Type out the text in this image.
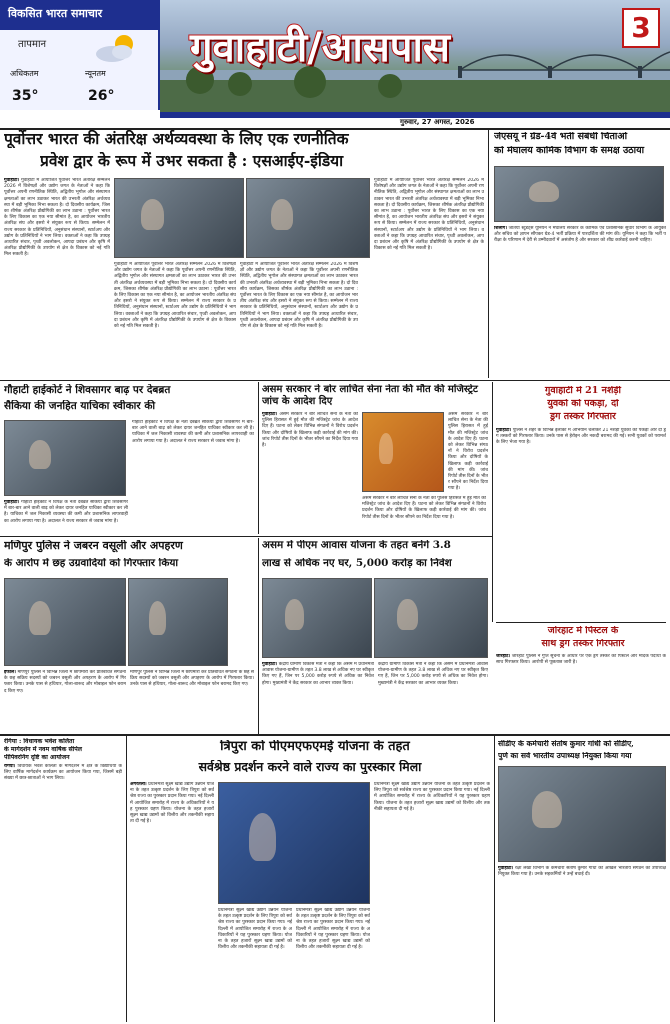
विकसित भारत समाचार
तापमान
अधिकतम	न्यूनतम
35°	26°
गुवाहाटी/आसपास	3
गुरुवार, 27 अगस्त, 2026
पूर्वोत्तर भारत की अंतरिक्ष अर्थव्यवस्था के लिए एक रणनीतिक
प्रवेश द्वार के रूप में उभर सकता है : एसआईए-इंडिया
गुवाहाटी। गुवाहाटी में आयोजित पूर्वोत्तर भारत अंतरिक्ष सम्मेलन 2026 में विशेषज्ञों और उद्योग जगत के नेताओं ने कहा कि पूर्वोत्तर अपनी रणनीतिक स्थिति, अद्वितीय भूगोल और संस्थागत क्षमताओं का लाभ उठाकर भारत की उभरती अंतरिक्ष अर्थव्यवस्था में बड़ी भूमिका निभा सकता है। दो दिवसीय कार्यक्रम, जिसका शीर्षक अंतरिक्ष प्रौद्योगिकी का लाभ उठाना : पूर्वोत्तर भारत के लिए विकास का एक नया सीमांत है, का आयोजन भारतीय अंतरिक्ष संघ और इसरो ने संयुक्त रूप से किया। सम्मेलन में राज्य सरकार के प्रतिनिधियों, अनुसंधान संस्थानों, स्टार्टअप और उद्योग के प्रतिनिधियों ने भाग लिया। वक्ताओं ने कहा कि उपग्रह आधारित संचार, पृथ्वी अवलोकन, आपदा प्रबंधन और कृषि में अंतरिक्ष प्रौद्योगिकी के उपयोग से क्षेत्र के विकास को नई गति मिल सकती है।
गुवाहाटी में आयोजित पूर्वोत्तर भारत अंतरिक्ष सम्मेलन 2026 में विशेषज्ञों और उद्योग जगत के नेताओं ने कहा कि पूर्वोत्तर अपनी रणनीतिक स्थिति, अद्वितीय भूगोल और संस्थागत क्षमताओं का लाभ उठाकर भारत की उभरती अंतरिक्ष अर्थव्यवस्था में बड़ी भूमिका निभा सकता है। दो दिवसीय कार्यक्रम, जिसका शीर्षक अंतरिक्ष प्रौद्योगिकी का लाभ उठाना : पूर्वोत्तर भारत के लिए विकास का एक नया सीमांत है, का आयोजन भारतीय अंतरिक्ष संघ और इसरो ने संयुक्त रूप से किया। सम्मेलन में राज्य सरकार के प्रतिनिधियों, अनुसंधान संस्थानों, स्टार्टअप और उद्योग के प्रतिनिधियों ने भाग लिया। वक्ताओं ने कहा कि उपग्रह आधारित संचार, पृथ्वी अवलोकन, आपदा प्रबंधन और कृषि में अंतरिक्ष प्रौद्योगिकी के उपयोग से क्षेत्र के विकास को नई गति मिल सकती है।
गुवाहाटी में आयोजित पूर्वोत्तर भारत अंतरिक्ष सम्मेलन 2026 में विशेषज्ञों और उद्योग जगत के नेताओं ने कहा कि पूर्वोत्तर अपनी रणनीतिक स्थिति, अद्वितीय भूगोल और संस्थागत क्षमताओं का लाभ उठाकर भारत की उभरती अंतरिक्ष अर्थव्यवस्था में बड़ी भूमिका निभा सकता है। दो दिवसीय कार्यक्रम, जिसका शीर्षक अंतरिक्ष प्रौद्योगिकी का लाभ उठाना : पूर्वोत्तर भारत के लिए विकास का एक नया सीमांत है, का आयोजन भारतीय अंतरिक्ष संघ और इसरो ने संयुक्त रूप से किया। सम्मेलन में राज्य सरकार के प्रतिनिधियों, अनुसंधान संस्थानों, स्टार्टअप और उद्योग के प्रतिनिधियों ने भाग लिया। वक्ताओं ने कहा कि उपग्रह आधारित संचार, पृथ्वी अवलोकन, आपदा प्रबंधन और कृषि में अंतरिक्ष प्रौद्योगिकी के उपयोग से क्षेत्र के विकास को नई गति मिल सकती है।
गुवाहाटी में आयोजित पूर्वोत्तर भारत अंतरिक्ष सम्मेलन 2026 में विशेषज्ञों और उद्योग जगत के नेताओं ने कहा कि पूर्वोत्तर अपनी रणनीतिक स्थिति, अद्वितीय भूगोल और संस्थागत क्षमताओं का लाभ उठाकर भारत की उभरती अंतरिक्ष अर्थव्यवस्था में बड़ी भूमिका निभा सकता है। दो दिवसीय कार्यक्रम, जिसका शीर्षक अंतरिक्ष प्रौद्योगिकी का लाभ उठाना : पूर्वोत्तर भारत के लिए विकास का एक नया सीमांत है, का आयोजन भारतीय अंतरिक्ष संघ और इसरो ने संयुक्त रूप से किया। सम्मेलन में राज्य सरकार के प्रतिनिधियों, अनुसंधान संस्थानों, स्टार्टअप और उद्योग के प्रतिनिधियों ने भाग लिया। वक्ताओं ने कहा कि उपग्रह आधारित संचार, पृथ्वी अवलोकन, आपदा प्रबंधन और कृषि में अंतरिक्ष प्रौद्योगिकी के उपयोग से क्षेत्र के विकास को नई गति मिल सकती है।
जेएसयू ने ग्रेड-4वें भर्ती संबंधी चिंताओं
को मेघालय कार्मिक विभाग के समक्ष उठाया
शिलांग। जैंतिया स्टूडेंट्स यूनियन ने मेघालय सरकार के कार्मिक एवं प्रशासनिक सुधार विभाग के आयुक्त और सचिव को ज्ञापन सौंपकर ग्रेड-4 भर्ती प्रक्रिया में पारदर्शिता की मांग की। यूनियन ने कहा कि भर्ती परीक्षा के परिणाम में देरी से उम्मीदवारों में असंतोष है और सरकार को शीघ्र कार्रवाई करनी चाहिए।
गौहाटी हाईकोर्ट ने शिवसागर बाढ़ पर देबब्रत
सैकिया की जनहित याचिका स्वीकार की
गुवाहाटी। गौहाटी हाईकोर्ट ने विपक्ष के नेता देबब्रत सैकिया द्वारा शिवसागर में बार-बार आने वाली बाढ़ को लेकर दायर जनहित याचिका स्वीकार कर ली है। याचिका में जल निकासी व्यवस्था की कमी और प्रशासनिक लापरवाही का आरोप लगाया गया है। अदालत ने राज्य सरकार से जवाब मांगा है।
गौहाटी हाईकोर्ट ने विपक्ष के नेता देबब्रत सैकिया द्वारा शिवसागर में बार-बार आने वाली बाढ़ को लेकर दायर जनहित याचिका स्वीकार कर ली है। याचिका में जल निकासी व्यवस्था की कमी और प्रशासनिक लापरवाही का आरोप लगाया गया है। अदालत ने राज्य सरकार से जवाब मांगा है।
असम सरकार ने बोर लाचित सेना नेता की मौत की मजिस्ट्रेट जांच के आदेश दिए
गुवाहाटी। असम सरकार ने बोर लाचित सेना के नेता की पुलिस हिरासत में हुई मौत की मजिस्ट्रेट जांच के आदेश दिए हैं। घटना को लेकर विभिन्न संगठनों ने विरोध प्रदर्शन किया और दोषियों के खिलाफ कड़ी कार्रवाई की मांग की। जांच रिपोर्ट तीस दिनों के भीतर सौंपने का निर्देश दिया गया है।
असम सरकार ने बोर लाचित सेना के नेता की पुलिस हिरासत में हुई मौत की मजिस्ट्रेट जांच के आदेश दिए हैं। घटना को लेकर विभिन्न संगठनों ने विरोध प्रदर्शन किया और दोषियों के खिलाफ कड़ी कार्रवाई की मांग की। जांच रिपोर्ट तीस दिनों के भीतर सौंपने का निर्देश दिया गया है।
असम सरकार ने बोर लाचित सेना के नेता की पुलिस हिरासत में हुई मौत की मजिस्ट्रेट जांच के आदेश दिए हैं। घटना को लेकर विभिन्न संगठनों ने विरोध प्रदर्शन किया और दोषियों के खिलाफ कड़ी कार्रवाई की मांग की। जांच रिपोर्ट तीस दिनों के भीतर सौंपने का निर्देश दिया गया है।
गुवाहाटी में 21 नशेड़ी
युवकों को पकड़ा, दो
ड्रग तस्कर गिरफ्तार
गुवाहाटी। पुलिस ने शहर के विभिन्न इलाकों में अभियान चलाकर 21 नशेड़ी युवकों को पकड़ा और दो ड्रग तस्करों को गिरफ्तार किया। उनके पास से हेरोइन और नकदी बरामद की गई। सभी युवकों को परामर्श के लिए भेजा गया है।
मणिपुर पुलिस ने जबरन वसूली और अपहरण
के आरोप में छह उग्रवादियों को गिरफ्तार किया
इंफाल। मणिपुर पुलिस ने विभिन्न जिलों में छापेमारी कर प्रतिबंधित संगठनों के छह सक्रिय सदस्यों को जबरन वसूली और अपहरण के आरोप में गिरफ्तार किया। उनके पास से हथियार, गोला-बारूद और मोबाइल फोन बरामद किए गए।
मणिपुर पुलिस ने विभिन्न जिलों में छापेमारी कर प्रतिबंधित संगठनों के छह सक्रिय सदस्यों को जबरन वसूली और अपहरण के आरोप में गिरफ्तार किया। उनके पास से हथियार, गोला-बारूद और मोबाइल फोन बरामद किए गए।
असम में पीएम आवास योजना के तहत बनेंगे 3.8
लाख से अधिक नए घर, 5,000 करोड़ का निवेश
गुवाहाटी। केंद्रीय ग्रामीण विकास मंत्री ने कहा कि असम में प्रधानमंत्री आवास योजना-ग्रामीण के तहत 3.8 लाख से अधिक नए घर स्वीकृत किए गए हैं, जिन पर 5,000 करोड़ रुपये से अधिक का निवेश होगा। मुख्यमंत्री ने केंद्र सरकार का आभार व्यक्त किया।
केंद्रीय ग्रामीण विकास मंत्री ने कहा कि असम में प्रधानमंत्री आवास योजना-ग्रामीण के तहत 3.8 लाख से अधिक नए घर स्वीकृत किए गए हैं, जिन पर 5,000 करोड़ रुपये से अधिक का निवेश होगा। मुख्यमंत्री ने केंद्र सरकार का आभार व्यक्त किया।
जोरहाट में पिस्टल के
साथ ड्रग तस्कर गिरफ्तार
जोरहाट। जोरहाट पुलिस ने गुप्त सूचना के आधार पर एक ड्रग तस्कर को पिस्टल और मादक पदार्थों के साथ गिरफ्तार किया। आरोपी से पूछताछ जारी है।
रंगिया : विधायक भवेश कलिता
के मार्गदर्शन में नवम वार्षिक सीपेल
पीपिवरनिंग दृष्टि का आयोजन
रंगिया। विधायक भवेश कलिता के मार्गदर्शन में क्षेत्र के विद्यार्थियों के लिए वार्षिक मार्गदर्शन कार्यक्रम का आयोजन किया गया, जिसमें बड़ी संख्या में छात्र-छात्राओं ने भाग लिया।
त्रिपुरा को पीएमएफएमई योजना के तहत
सर्वश्रेष्ठ प्रदर्शन करने वाले राज्य का पुरस्कार मिला
अगरतला। प्रधानमंत्री सूक्ष्म खाद्य उद्योग उन्नयन योजना के तहत उत्कृष्ट प्रदर्शन के लिए त्रिपुरा को सर्वश्रेष्ठ राज्य का पुरस्कार प्रदान किया गया। नई दिल्ली में आयोजित समारोह में राज्य के अधिकारियों ने यह पुरस्कार ग्रहण किया। योजना के तहत हजारों सूक्ष्म खाद्य उद्यमों को वित्तीय और तकनीकी सहायता दी गई है।
प्रधानमंत्री सूक्ष्म खाद्य उद्योग उन्नयन योजना के तहत उत्कृष्ट प्रदर्शन के लिए त्रिपुरा को सर्वश्रेष्ठ राज्य का पुरस्कार प्रदान किया गया। नई दिल्ली में आयोजित समारोह में राज्य के अधिकारियों ने यह पुरस्कार ग्रहण किया। योजना के तहत हजारों सूक्ष्म खाद्य उद्यमों को वित्तीय और तकनीकी सहायता दी गई है।
प्रधानमंत्री सूक्ष्म खाद्य उद्योग उन्नयन योजना के तहत उत्कृष्ट प्रदर्शन के लिए त्रिपुरा को सर्वश्रेष्ठ राज्य का पुरस्कार प्रदान किया गया। नई दिल्ली में आयोजित समारोह में राज्य के अधिकारियों ने यह पुरस्कार ग्रहण किया। योजना के तहत हजारों सूक्ष्म खाद्य उद्यमों को वित्तीय और तकनीकी सहायता दी गई है।
प्रधानमंत्री सूक्ष्म खाद्य उद्योग उन्नयन योजना के तहत उत्कृष्ट प्रदर्शन के लिए त्रिपुरा को सर्वश्रेष्ठ राज्य का पुरस्कार प्रदान किया गया। नई दिल्ली में आयोजित समारोह में राज्य के अधिकारियों ने यह पुरस्कार ग्रहण किया। योजना के तहत हजारों सूक्ष्म खाद्य उद्यमों को वित्तीय और तकनीकी सहायता दी गई है।
सीडीए के कर्मचारी संतोष कुमार गांधी को सीडीए,
पुणे का सर्व भारतीय उपाध्यक्ष नियुक्त किया गया
गुवाहाटी। रक्षा लेखा विभाग के कर्मचारी संतोष कुमार गांधी को अखिल भारतीय संगठन का उपाध्यक्ष नियुक्त किया गया है। उनके सहकर्मियों ने उन्हें बधाई दी।
